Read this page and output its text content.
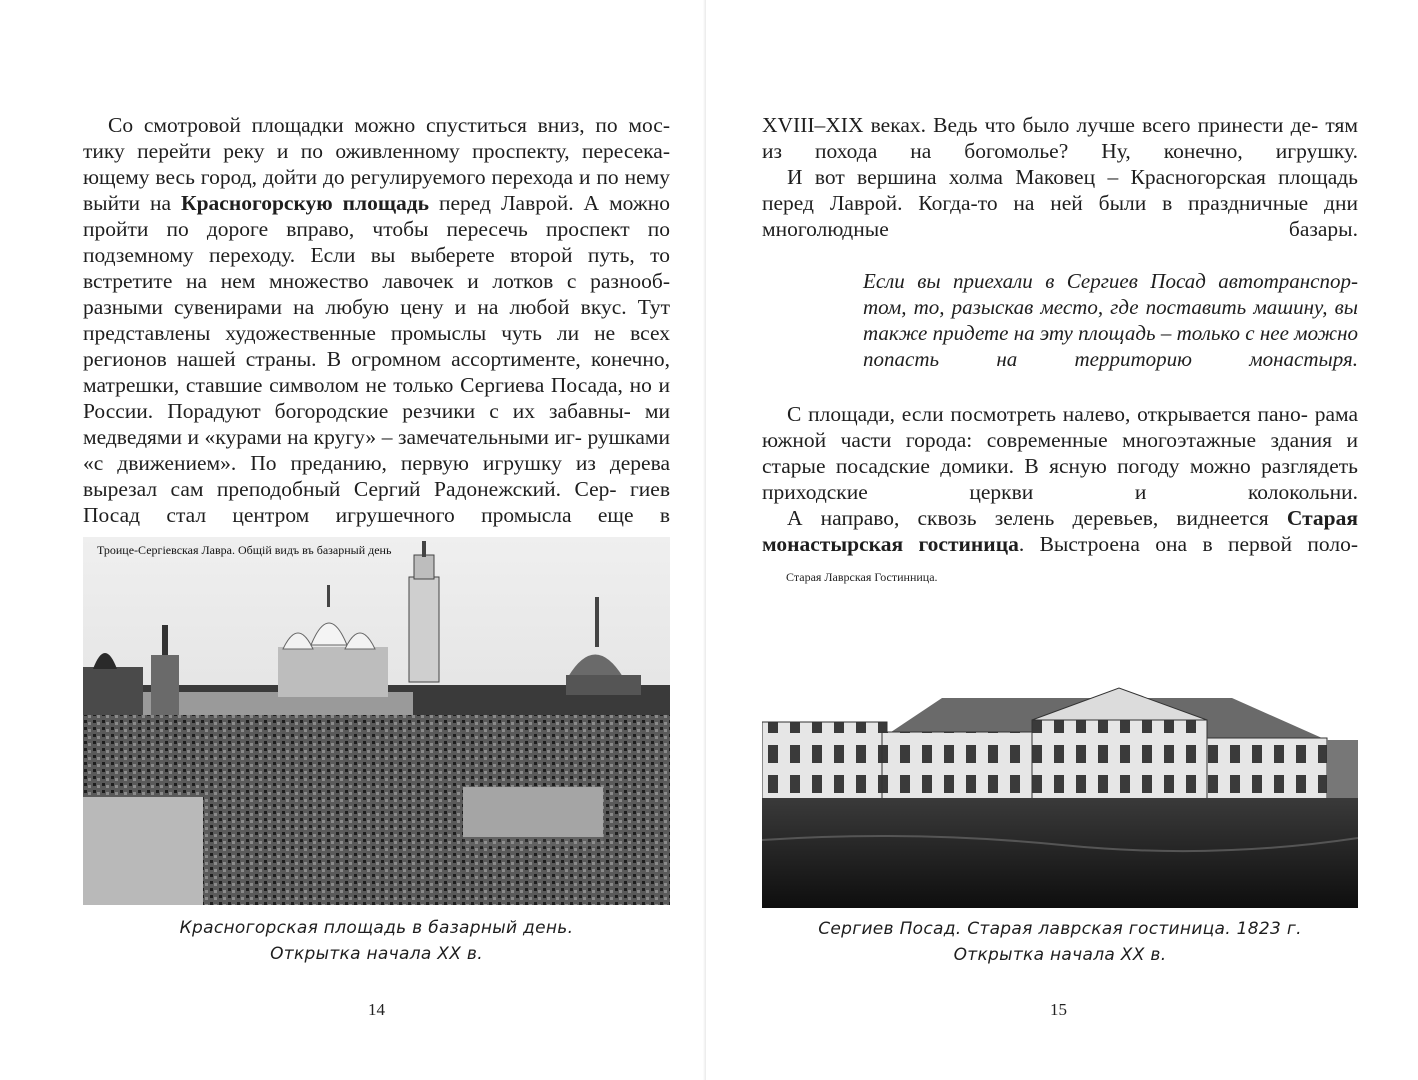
Со смотровой площадки можно спуститься вниз, по мос- тику перейти реку и по оживленному проспекту, пересека- ющему весь город, дойти до регулируемого перехода и по нему выйти на Красногорскую площадь перед Лаврой. А можно пройти по дороге вправо, чтобы пересечь проспект по подземному переходу. Если вы выберете второй путь, то встретите на нем множество лавочек и лотков с разнооб- разными сувенирами на любую цену и на любой вкус. Тут представлены художественные промыслы чуть ли не всех регионов нашей страны. В огромном ассортименте, конечно, матрешки, ставшие символом не только Сергиева Посада, но и России. Порадуют богородские резчики с их забавны- ми медведями и «курами на кругу» – замечательными иг- рушками «с движением». По преданию, первую игрушку из дерева вырезал сам преподобный Сергий Радонежский. Сер- гиев Посад стал центром игрушечного промысла еще в

Троице-Сергіевская Лавра. Общій видъ въ базарный день

Красногорская площадь в базарный день.
Открытка начала XX в.

14

XVIII–XIX веках. Ведь что было лучше всего принести де- тям из похода на богомолье? Ну, конечно, игрушку.

И вот вершина холма Маковец – Красногорская площадь перед Лаврой. Когда-то на ней были в праздничные дни многолюдные базары.

Если вы приехали в Сергиев Посад автотранспор- том, то, разыскав место, где поставить машину, вы также придете на эту площадь – только с нее можно попасть на территорию монастыря.

С площади, если посмотреть налево, открывается пано- рама южной части города: современные многоэтажные здания и старые посадские домики. В ясную погоду можно разглядеть приходские церкви и колокольни.

А направо, сквозь зелень деревьев, виднеется Старая монастырская гостиница. Выстроена она в первой поло-

Старая Лаврская Гостинница.

Сергиев Посад. Старая лаврская гостиница. 1823 г.
Открытка начала XX в.

15
